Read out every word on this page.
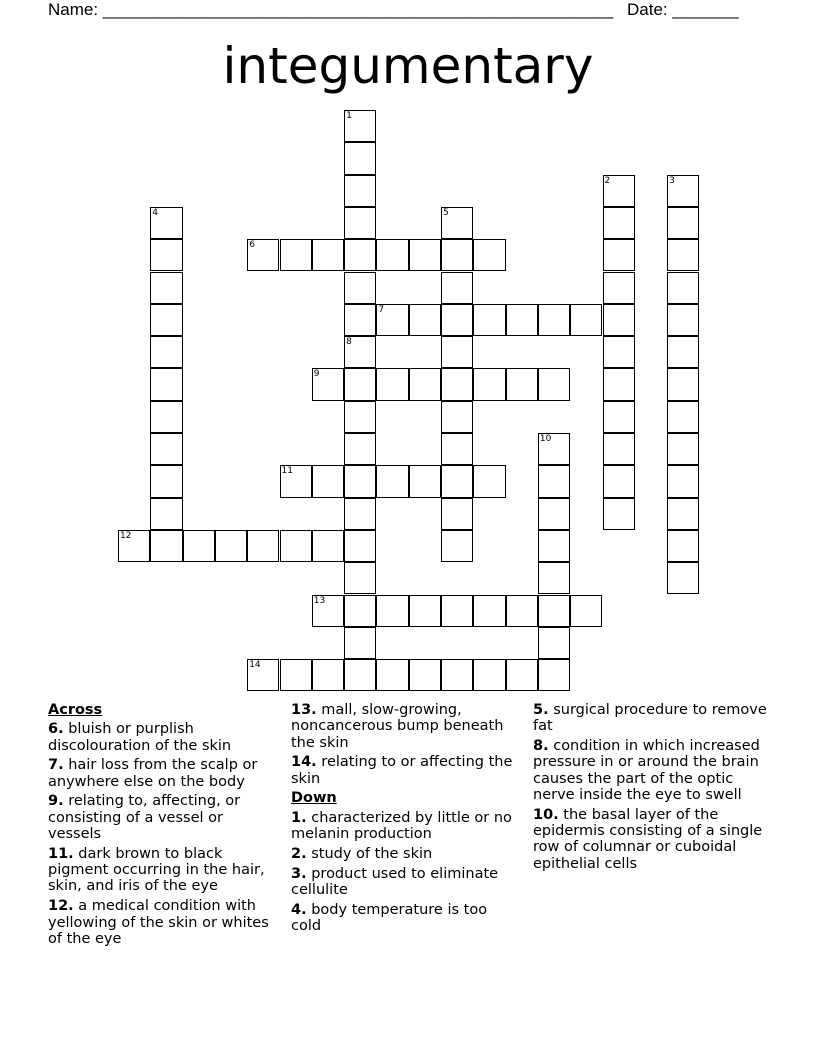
Name: ______________________________________________________ Date: _______
integumentary
1
8
2	3
4	5
6
7
9
10
11
12
13
14
Across
6. bluish or purplish discolouration of the skin
7. hair loss from the scalp or anywhere else on the body
9. relating to, affecting, or consisting of a vessel or vessels
11. dark brown to black pigment occurring in the hair, skin, and iris of the eye
12. a medical condition with yellowing of the skin or whites of the eye
13. mall, slow-growing, noncancerous bump beneath the skin
14. relating to or affecting the skin
Down
1. characterized by little or no melanin production
2. study of the skin
3. product used to eliminate cellulite
4. body temperature is too cold
5. surgical procedure to remove fat
8. condition in which increased pressure in or around the brain causes the part of the optic nerve inside the eye to swell
10. the basal layer of the epidermis consisting of a single row of columnar or cuboidal epithelial cells
